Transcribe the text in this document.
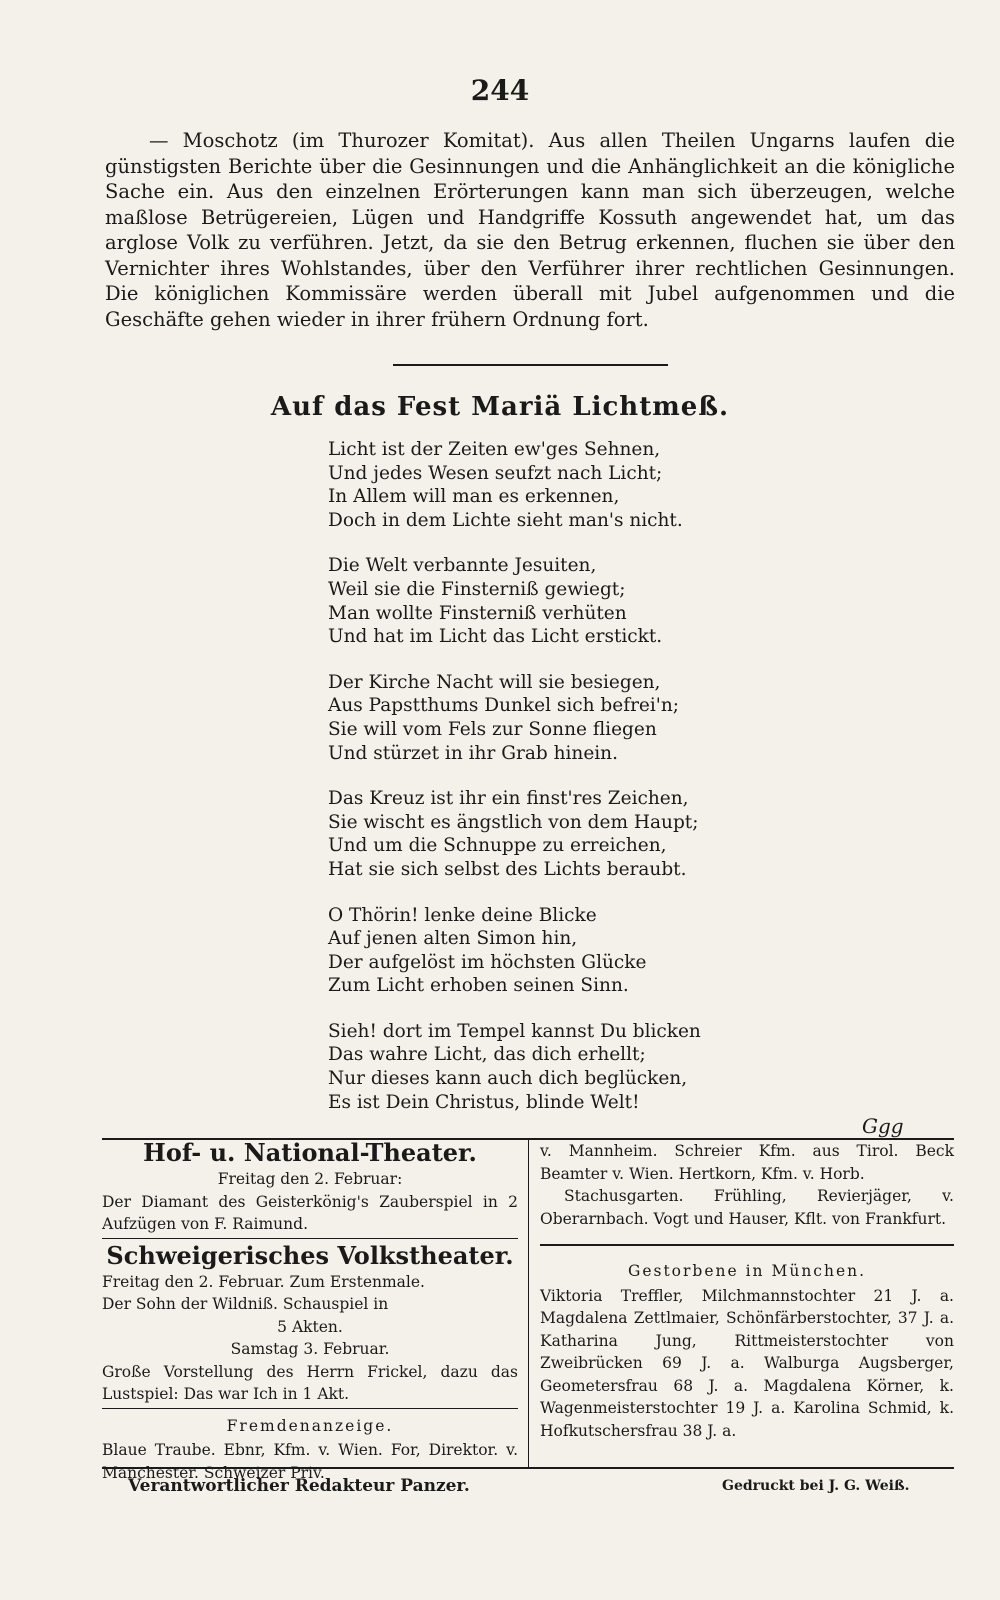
244

— Moschotz (im Thurozer Komitat). Aus allen Theilen Ungarns laufen die günstigsten Berichte über die Gesinnungen und die Anhänglichkeit an die königliche Sache ein. Aus den einzelnen Erörterungen kann man sich überzeugen, welche maßlose Betrügereien, Lügen und Handgriffe Kossuth angewendet hat, um das arglose Volk zu verführen. Jetzt, da sie den Betrug erkennen, fluchen sie über den Vernichter ihres Wohlstandes, über den Verführer ihrer rechtlichen Gesinnungen. Die königlichen Kommissäre werden überall mit Jubel aufgenommen und die Geschäfte gehen wieder in ihrer frühern Ordnung fort.

Auf das Fest Mariä Lichtmeß.
Licht ist der Zeiten ew'ges Sehnen,
Und jedes Wesen seufzt nach Licht;
In Allem will man es erkennen,
Doch in dem Lichte sieht man's nicht.
Die Welt verbannte Jesuiten,
Weil sie die Finsterniß gewiegt;
Man wollte Finsterniß verhüten
Und hat im Licht das Licht erstickt.
Der Kirche Nacht will sie besiegen,
Aus Papstthums Dunkel sich befrei'n;
Sie will vom Fels zur Sonne fliegen
Und stürzet in ihr Grab hinein.
Das Kreuz ist ihr ein finst'res Zeichen,
Sie wischt es ängstlich von dem Haupt;
Und um die Schnuppe zu erreichen,
Hat sie sich selbst des Lichts beraubt.
O Thörin! lenke deine Blicke
Auf jenen alten Simon hin,
Der aufgelöst im höchsten Glücke
Zum Licht erhoben seinen Sinn.
Sieh! dort im Tempel kannst Du blicken
Das wahre Licht, das dich erhellt;
Nur dieses kann auch dich beglücken,
Es ist Dein Christus, blinde Welt!
Ggg
Hof- u. National-Theater.
Freitag den 2. Februar:

Der Diamant des Geisterkönig's Zauberspiel in 2 Aufzügen von F. Raimund.

Schweigerisches Volkstheater.
Freitag den 2. Februar. Zum Erstenmale.
Der Sohn der Wildniß. Schauspiel in
5 Akten.
Samstag 3. Februar.

Große Vorstellung des Herrn Frickel, dazu das Lustspiel: Das war Ich in 1 Akt.

Fremdenanzeige.

Blaue Traube. Ebnr, Kfm. v. Wien. For, Direktor. v. Manchester. Schweizer Priv.

v. Mannheim. Schreier Kfm. aus Tirol. Beck Beamter v. Wien. Hertkorn, Kfm. v. Horb.

Stachusgarten. Frühling, Revierjäger, v. Oberarnbach. Vogt und Hauser, Kflt. von Frankfurt.

Gestorbene in München.

Viktoria Treffler, Milchmannstochter 21 J. a. Magdalena Zettlmaier, Schönfärberstochter, 37 J. a. Katharina Jung, Rittmeisterstochter von Zweibrücken 69 J. a. Walburga Augsberger, Geometersfrau 68 J. a. Magdalena Körner, k. Wagenmeisterstochter 19 J. a. Karolina Schmid, k. Hofkutschersfrau 38 J. a.

Verantwortlicher Redakteur Panzer.	Gedruckt bei J. G. Weiß.
